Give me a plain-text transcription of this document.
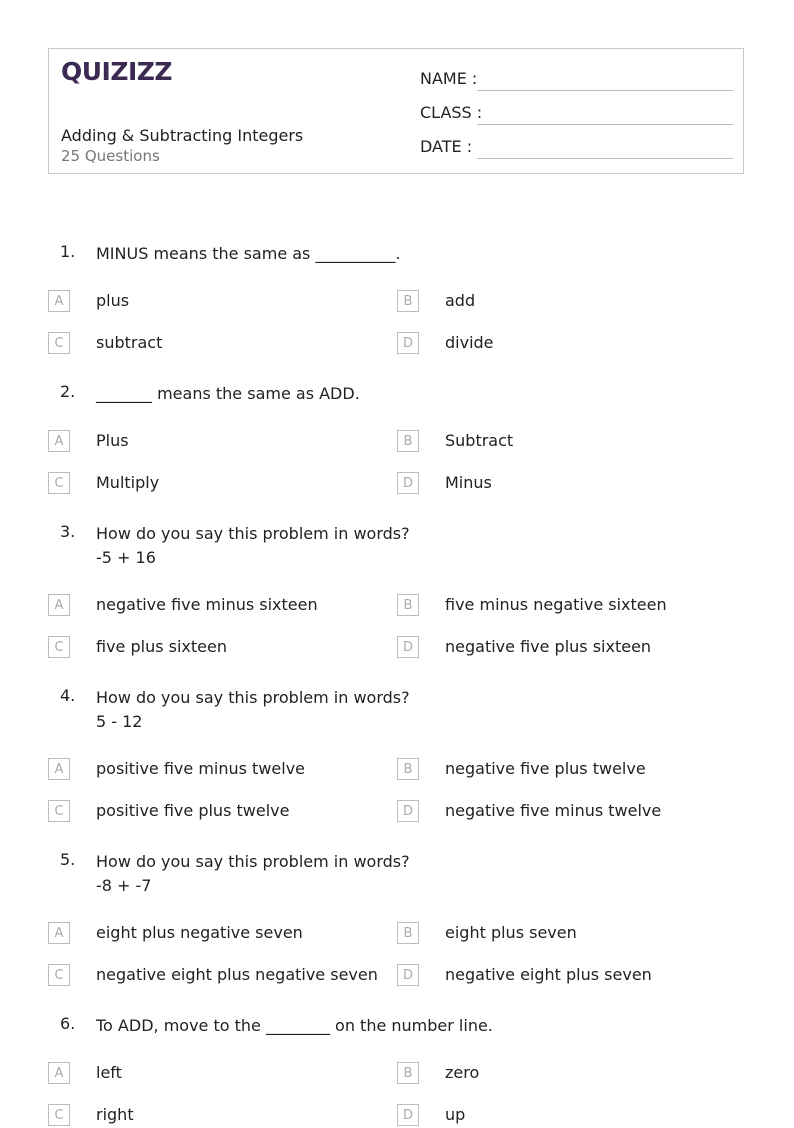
QUIZIZZ
Adding & Subtracting Integers
25 Questions
NAME :
CLASS :
DATE :
1. MINUS means the same as __________.
A	plus	B	add
C	subtract	D	divide
2. _______ means the same as ADD.
A	Plus	B	Subtract
C	Multiply	D	Minus
3. How do you say this problem in words?
-5 + 16
A	negative five minus sixteen	B	five minus negative sixteen
C	five plus sixteen	D	negative five plus sixteen
4. How do you say this problem in words?
5 - 12
A	positive five minus twelve	B	negative five plus twelve
C	positive five plus twelve	D	negative five minus twelve
5. How do you say this problem in words?
-8 + -7
A	eight plus negative seven	B	eight plus seven
C	negative eight plus negative seven	D	negative eight plus seven
6. To ADD, move to the ________ on the number line.
A	left	B	zero
C	right	D	up
